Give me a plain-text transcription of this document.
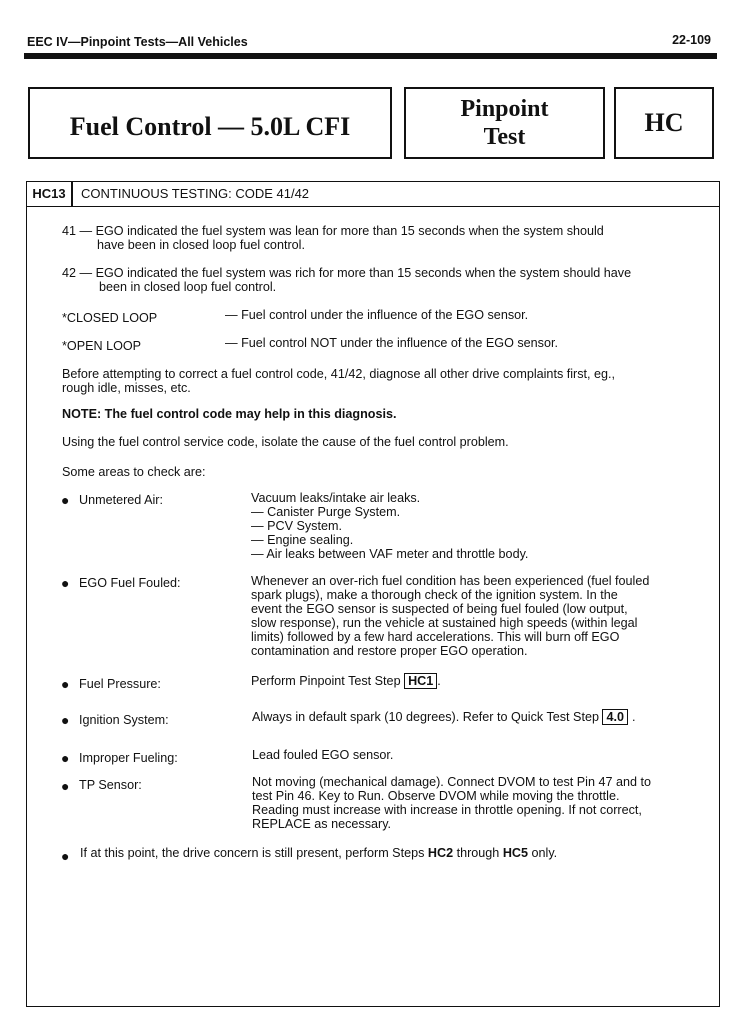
EEC IV—Pinpoint Tests—All Vehicles	22-109
Fuel Control — 5.0L CFI
Pinpoint
Test	HC
HC13	CONTINUOUS TESTING: CODE 41/42
41 — EGO indicated the fuel system was lean for more than 15 seconds when the system should
have been in closed loop fuel control.
42 — EGO indicated the fuel system was rich for more than 15 seconds when the system should have
been in closed loop fuel control.
*CLOSED LOOP	— Fuel control under the influence of the EGO sensor.
*OPEN LOOP	— Fuel control NOT under the influence of the EGO sensor.
Before attempting to correct a fuel control code, 41/42, diagnose all other drive complaints first, eg.,
rough idle, misses, etc.
NOTE: The fuel control code may help in this diagnosis.
Using the fuel control service code, isolate the cause of the fuel control problem.
Some areas to check are:
● Unmetered Air:	Vacuum leaks/intake air leaks.
— Canister Purge System.
— PCV System.
— Engine sealing.
— Air leaks between VAF meter and throttle body.
● EGO Fuel Fouled:	Whenever an over-rich fuel condition has been experienced (fuel fouled
spark plugs), make a thorough check of the ignition system. In the
event the EGO sensor is suspected of being fuel fouled (low output,
slow response), run the vehicle at sustained high speeds (within legal
limits) followed by a few hard accelerations. This will burn off EGO
contamination and restore proper EGO operation.
● Fuel Pressure:	Perform Pinpoint Test Step HC1 .
● Ignition System:	Always in default spark (10 degrees). Refer to Quick Test Step 4.0 .
● Improper Fueling:	Lead fouled EGO sensor.
● TP Sensor:	Not moving (mechanical damage). Connect DVOM to test Pin 47 and to
test Pin 46. Key to Run. Observe DVOM while moving the throttle.
Reading must increase with increase in throttle opening. If not correct,
REPLACE as necessary.
● If at this point, the drive concern is still present, perform Steps HC2 through HC5 only.
